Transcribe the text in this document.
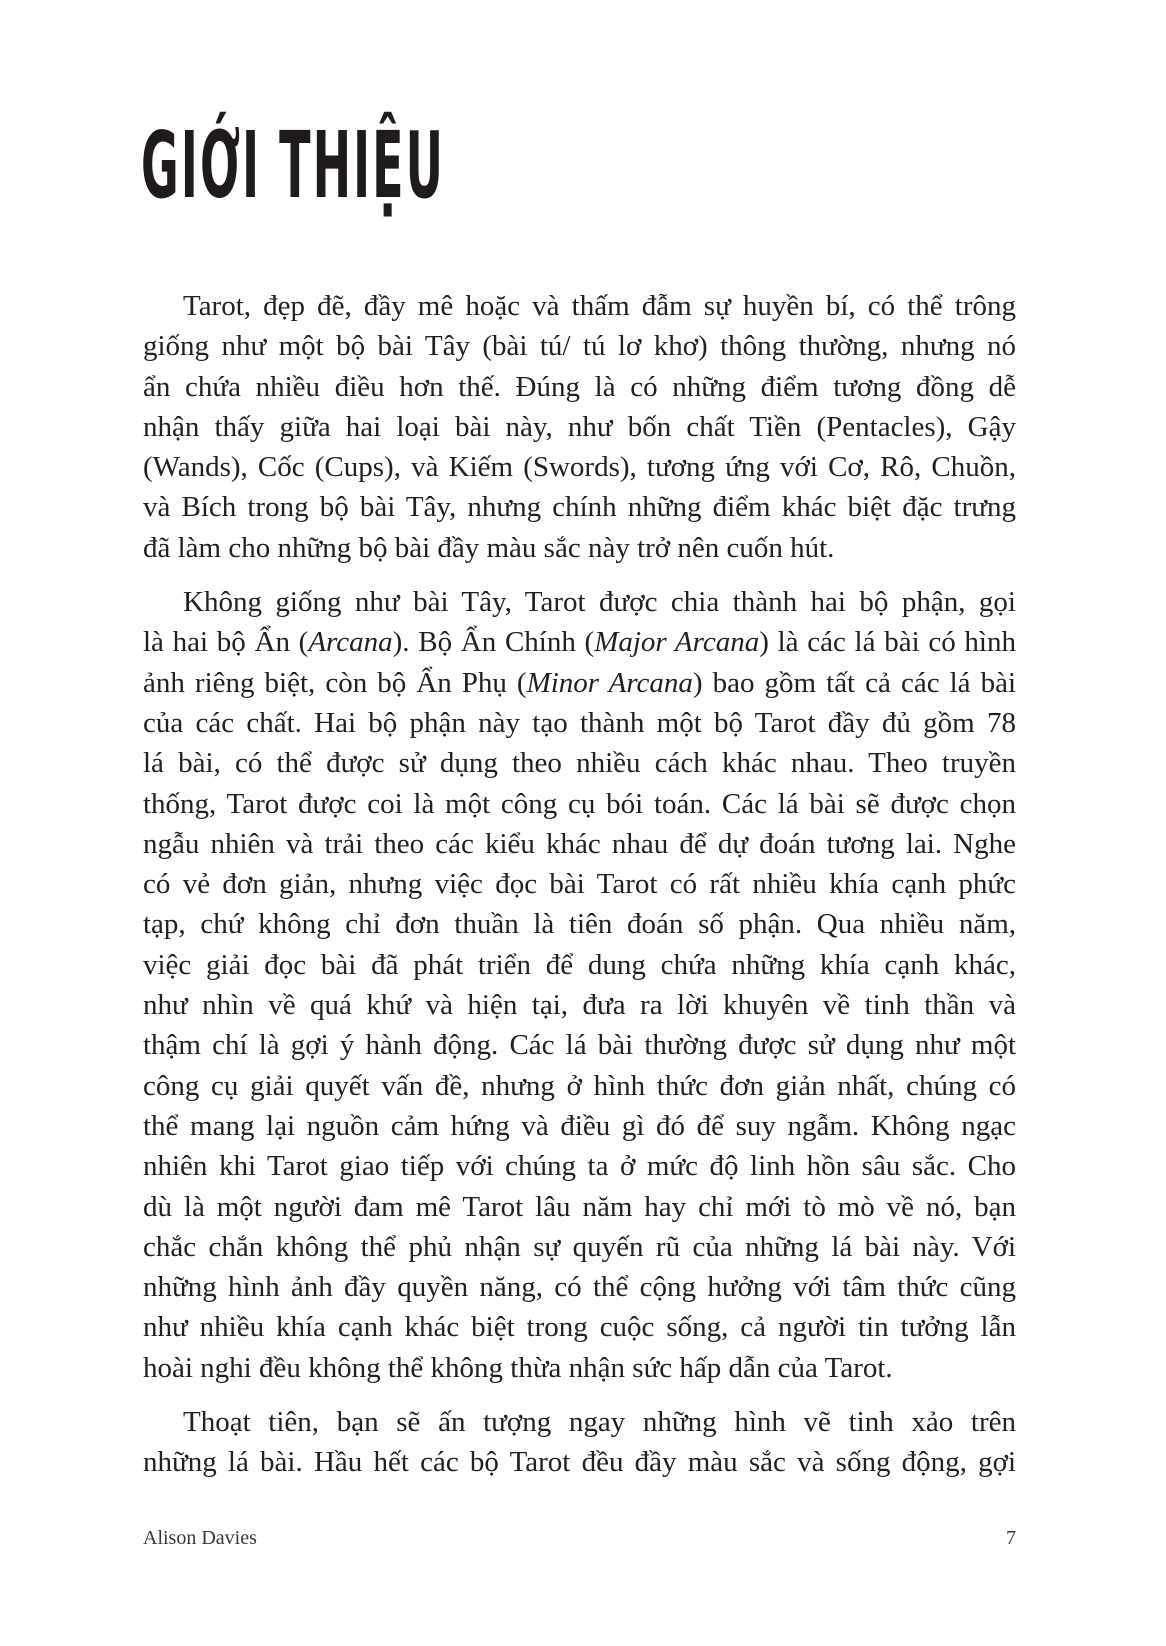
GIỚI THIỆU
Tarot, đẹp đẽ, đầy mê hoặc và thấm đẫm sự huyền bí, có thể trông
giống như một bộ bài Tây (bài tú/ tú lơ khơ) thông thường, nhưng nó
ẩn chứa nhiều điều hơn thế. Đúng là có những điểm tương đồng dễ
nhận thấy giữa hai loại bài này, như bốn chất Tiền (Pentacles), Gậy
(Wands), Cốc (Cups), và Kiếm (Swords), tương ứng với Cơ, Rô, Chuồn,
và Bích trong bộ bài Tây, nhưng chính những điểm khác biệt đặc trưng
đã làm cho những bộ bài đầy màu sắc này trở nên cuốn hút.
Không giống như bài Tây, Tarot được chia thành hai bộ phận, gọi
là hai bộ Ẩn (Arcana). Bộ Ẩn Chính (Major Arcana) là các lá bài có hình
ảnh riêng biệt, còn bộ Ẩn Phụ (Minor Arcana) bao gồm tất cả các lá bài
của các chất. Hai bộ phận này tạo thành một bộ Tarot đầy đủ gồm 78
lá bài, có thể được sử dụng theo nhiều cách khác nhau. Theo truyền
thống, Tarot được coi là một công cụ bói toán. Các lá bài sẽ được chọn
ngẫu nhiên và trải theo các kiểu khác nhau để dự đoán tương lai. Nghe
có vẻ đơn giản, nhưng việc đọc bài Tarot có rất nhiều khía cạnh phức
tạp, chứ không chỉ đơn thuần là tiên đoán số phận. Qua nhiều năm,
việc giải đọc bài đã phát triển để dung chứa những khía cạnh khác,
như nhìn về quá khứ và hiện tại, đưa ra lời khuyên về tinh thần và
thậm chí là gợi ý hành động. Các lá bài thường được sử dụng như một
công cụ giải quyết vấn đề, nhưng ở hình thức đơn giản nhất, chúng có
thể mang lại nguồn cảm hứng và điều gì đó để suy ngẫm. Không ngạc
nhiên khi Tarot giao tiếp với chúng ta ở mức độ linh hồn sâu sắc. Cho
dù là một người đam mê Tarot lâu năm hay chỉ mới tò mò về nó, bạn
chắc chắn không thể phủ nhận sự quyến rũ của những lá bài này. Với
những hình ảnh đầy quyền năng, có thể cộng hưởng với tâm thức cũng
như nhiều khía cạnh khác biệt trong cuộc sống, cả người tin tưởng lẫn
hoài nghi đều không thể không thừa nhận sức hấp dẫn của Tarot.
Thoạt tiên, bạn sẽ ấn tượng ngay những hình vẽ tinh xảo trên
những lá bài. Hầu hết các bộ Tarot đều đầy màu sắc và sống động, gợi
Alison Davies	7
